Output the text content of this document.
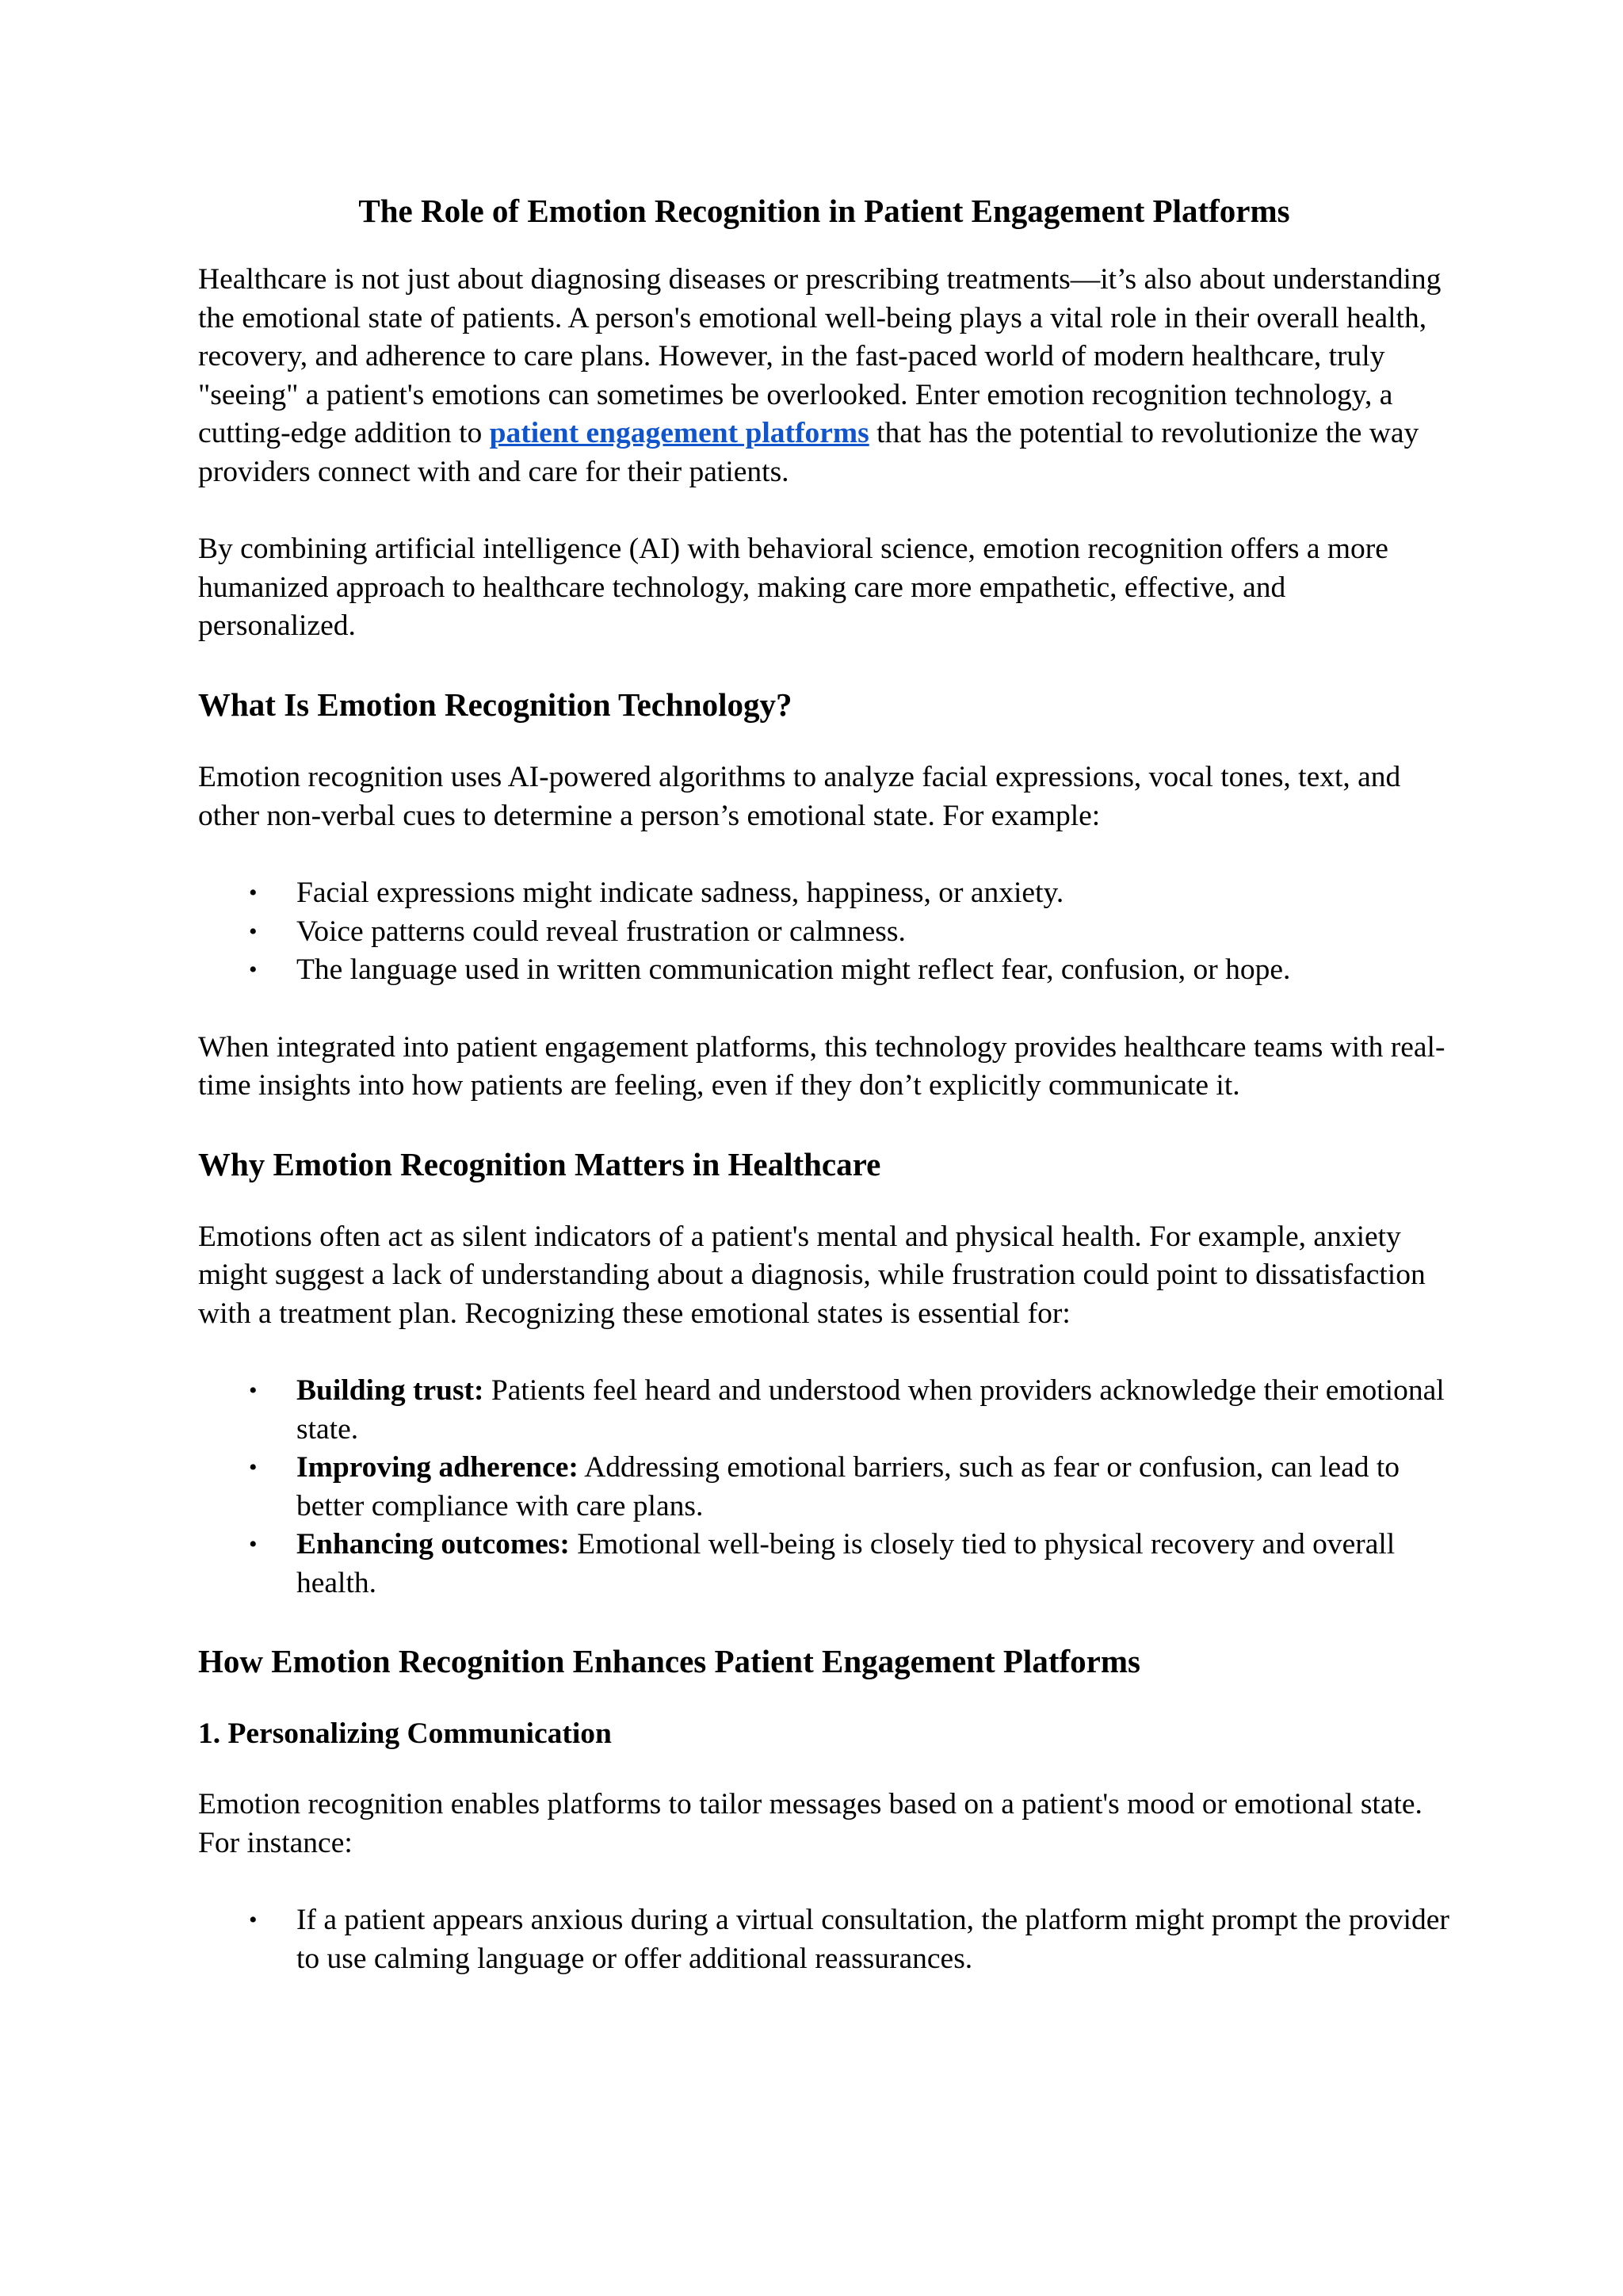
The Role of Emotion Recognition in Patient Engagement Platforms

Healthcare is not just about diagnosing diseases or prescribing treatments—it’s also about understanding the emotional state of patients. A person's emotional well-being plays a vital role in their overall health, recovery, and adherence to care plans. However, in the fast-paced world of modern healthcare, truly "seeing" a patient's emotions can sometimes be overlooked. Enter emotion recognition technology, a cutting-edge addition to patient engagement platforms that has the potential to revolutionize the way providers connect with and care for their patients.

By combining artificial intelligence (AI) with behavioral science, emotion recognition offers a more humanized approach to healthcare technology, making care more empathetic, effective, and personalized.

What Is Emotion Recognition Technology?

Emotion recognition uses AI-powered algorithms to analyze facial expressions, vocal tones, text, and other non-verbal cues to determine a person’s emotional state. For example:

• Facial expressions might indicate sadness, happiness, or anxiety.
• Voice patterns could reveal frustration or calmness.
• The language used in written communication might reflect fear, confusion, or hope.

When integrated into patient engagement platforms, this technology provides healthcare teams with real-time insights into how patients are feeling, even if they don’t explicitly communicate it.

Why Emotion Recognition Matters in Healthcare

Emotions often act as silent indicators of a patient's mental and physical health. For example, anxiety might suggest a lack of understanding about a diagnosis, while frustration could point to dissatisfaction with a treatment plan. Recognizing these emotional states is essential for:

• Building trust: Patients feel heard and understood when providers acknowledge their emotional state.
• Improving adherence: Addressing emotional barriers, such as fear or confusion, can lead to better compliance with care plans.
• Enhancing outcomes: Emotional well-being is closely tied to physical recovery and overall health.
How Emotion Recognition Enhances Patient Engagement Platforms
1. Personalizing Communication

Emotion recognition enables platforms to tailor messages based on a patient's mood or emotional state. For instance:

• If a patient appears anxious during a virtual consultation, the platform might prompt the provider to use calming language or offer additional reassurances.
